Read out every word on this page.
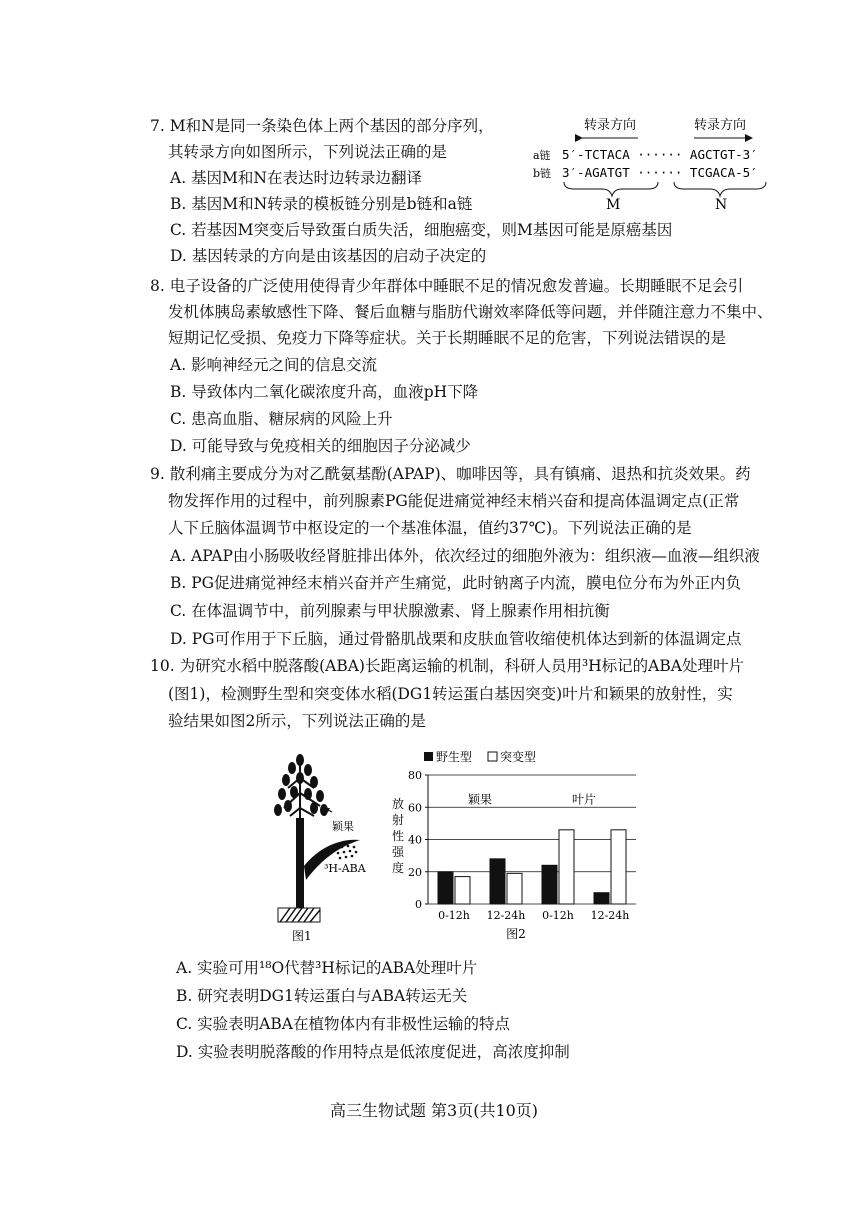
7. M和N是同一条染色体上两个基因的部分序列，
其转录方向如图所示，下列说法正确的是
A. 基因M和N在表达时边转录边翻译
B. 基因M和N转录的模板链分别是b链和a链
C. 若基因M突变后导致蛋白质失活，细胞癌变，则M基因可能是原癌基因
D. 基因转录的方向是由该基因的启动子决定的
转录方向	转录方向
a链
b链
5′-TCTACA ······ AGCTGT-3′
3′-AGATGT ······ TCGACA-5′
M	N
8. 电子设备的广泛使用使得青少年群体中睡眠不足的情况愈发普遍。长期睡眠不足会引
发机体胰岛素敏感性下降、餐后血糖与脂肪代谢效率降低等问题，并伴随注意力不集中、
短期记忆受损、免疫力下降等症状。关于长期睡眠不足的危害，下列说法错误的是
A. 影响神经元之间的信息交流
B. 导致体内二氧化碳浓度升高，血液pH下降
C. 患高血脂、糖尿病的风险上升
D. 可能导致与免疫相关的细胞因子分泌减少
9. 散利痛主要成分为对乙酰氨基酚(APAP)、咖啡因等，具有镇痛、退热和抗炎效果。药
物发挥作用的过程中，前列腺素PG能促进痛觉神经末梢兴奋和提高体温调定点(正常
人下丘脑体温调节中枢设定的一个基准体温，值约37℃)。下列说法正确的是
A. APAP由小肠吸收经肾脏排出体外，依次经过的细胞外液为：组织液—血液—组织液
B. PG促进痛觉神经末梢兴奋并产生痛觉，此时钠离子内流，膜电位分布为外正内负
C. 在体温调节中，前列腺素与甲状腺激素、肾上腺素作用相抗衡
D. PG可作用于下丘脑，通过骨骼肌战栗和皮肤血管收缩使机体达到新的体温调定点
10. 为研究水稻中脱落酸(ABA)长距离运输的机制，科研人员用³H标记的ABA处理叶片
(图1)，检测野生型和突变体水稻(DG1转运蛋白基因突变)叶片和颖果的放射性，实
验结果如图2所示，下列说法正确的是
颖果
³H-ABA
图1
野生型 突变型
放
射
性
强
度
0
20
40
60
80
0-12h 12-24h 0-12h 12-24h
颖果	叶片
图2
A. 实验可用¹⁸O代替³H标记的ABA处理叶片
B. 研究表明DG1转运蛋白与ABA转运无关
C. 实验表明ABA在植物体内有非极性运输的特点
D. 实验表明脱落酸的作用特点是低浓度促进，高浓度抑制
高三生物试题 第3页(共10页)
